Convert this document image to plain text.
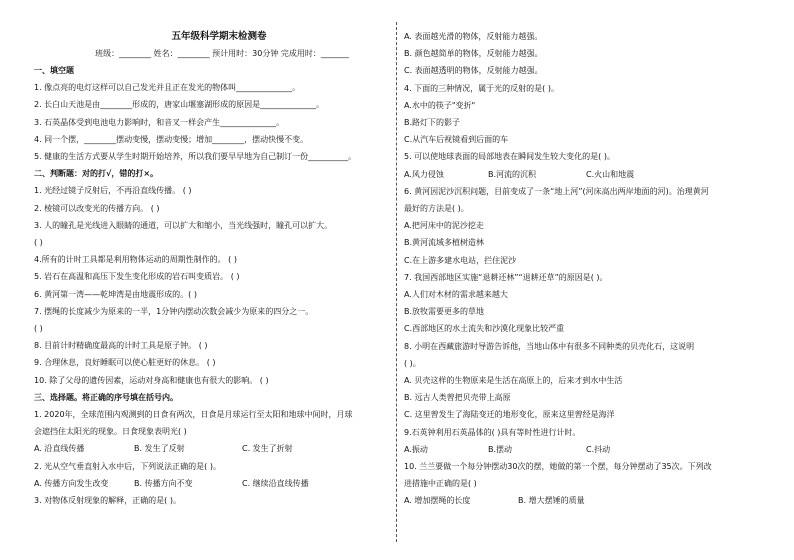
五年级科学期末检测卷
班级：________ 姓名：________ 预计用时：30分钟 完成用时：_______
一、填空题
1. 像点亮的电灯这样可以自己发光并且正在发光的物体叫______________。
2. 长白山天池是由________形成的，唐家山堰塞湖形成的原因是______________。
3. 石英晶体受到电池电力影响时，和音叉一样会产生______________。
4. 同一个摆，________摆动变慢，摆动变慢；增加________，摆动快慢不变。
5. 健康的生活方式要从学生时期开始培养，所以我们要早早地为自己制订一份__________。
二、判断题：对的打√，错的打×。
1. 光经过镜子反射后，不再沿直线传播。 ( )
2. 棱镜可以改变光的传播方向。 ( )
3. 人的瞳孔是光线进入眼睛的通道，可以扩大和缩小，当光线强时，瞳孔可以扩大。
( )
4.所有的计时工具都是利用物体运动的周期性制作的。 ( )
5. 岩石在高温和高压下发生变化形成的岩石叫变质岩。 ( )
6. 黄河第一湾——乾坤湾是由地震形成的。( )
7. 摆绳的长度减少为原来的一半，1分钟内摆动次数会减少为原来的四分之一。
( )
8. 目前计时精确度最高的计时工具是原子钟。 ( )
9. 合理休息，良好睡眠可以使心脏更好的休息。 ( )
10. 除了父母的遗传因素，运动对身高和健康也有很大的影响。 ( )
三、选择题。将正确的序号填在括号内。
1. 2020年，全球范围内观测到的日食有两次，日食是月球运行至太阳和地球中间时，月球
会遮挡住太阳光的现象。日食现象表明光( )
A. 沿直线传播	B. 发生了反射	C. 发生了折射
2. 光从空气垂直射入水中后，下列说法正确的是( )。
A. 传播方向发生改变	B. 传播方向不变	C. 继续沿直线传播
3. 对物体反射现象的解释，正确的是( )。
A. 表面越光滑的物体，反射能力越强。
B. 颜色越简单的物体，反射能力越强。
C. 表面越透明的物体，反射能力越强。
4. 下面的三种情况，属于光的反射的是( )。
A.水中的筷子"变折"
B.路灯下的影子
C.从汽车后视镜看到后面的车
5. 可以使地球表面的局部地表在瞬间发生较大变化的是( )。
A.风力侵蚀	B.河流的沉积	C.火山和地震
6. 黄河因泥沙沉积问题，目前变成了一条“地上河”(河床高出两岸地面的河)。治理黄河
最好的方法是( )。
A.把河床中的泥沙挖走
B.黄河流域多植树造林
C.在上游多建水电站，拦住泥沙
7. 我国西部地区实施“退耕还林”“退耕还草”的原因是( )。
A.人们对木材的需求越来越大
B.放牧需要更多的草地
C.西部地区的水土流失和沙漠化现象比较严重
8. 小明在西藏旅游时导游告诉他，当地山体中有很多不同种类的贝壳化石，这说明
( )。
A. 贝壳这样的生物原来是生活在高原上的，后来才到水中生活
B. 远古人类曾把贝壳带上高原
C. 这里曾发生了海陆变迁的地形变化，原来这里曾经是海洋
9.石英钟利用石英晶体的( )具有等时性进行计时。
A.振动	B.摆动	C.抖动
10. 兰兰要做一个每分钟摆动30次的摆，她做的第一个摆，每分钟摆动了35次。下列改
进措施中正确的是( )
A. 增加摆绳的长度	B. 增大摆锤的质量
